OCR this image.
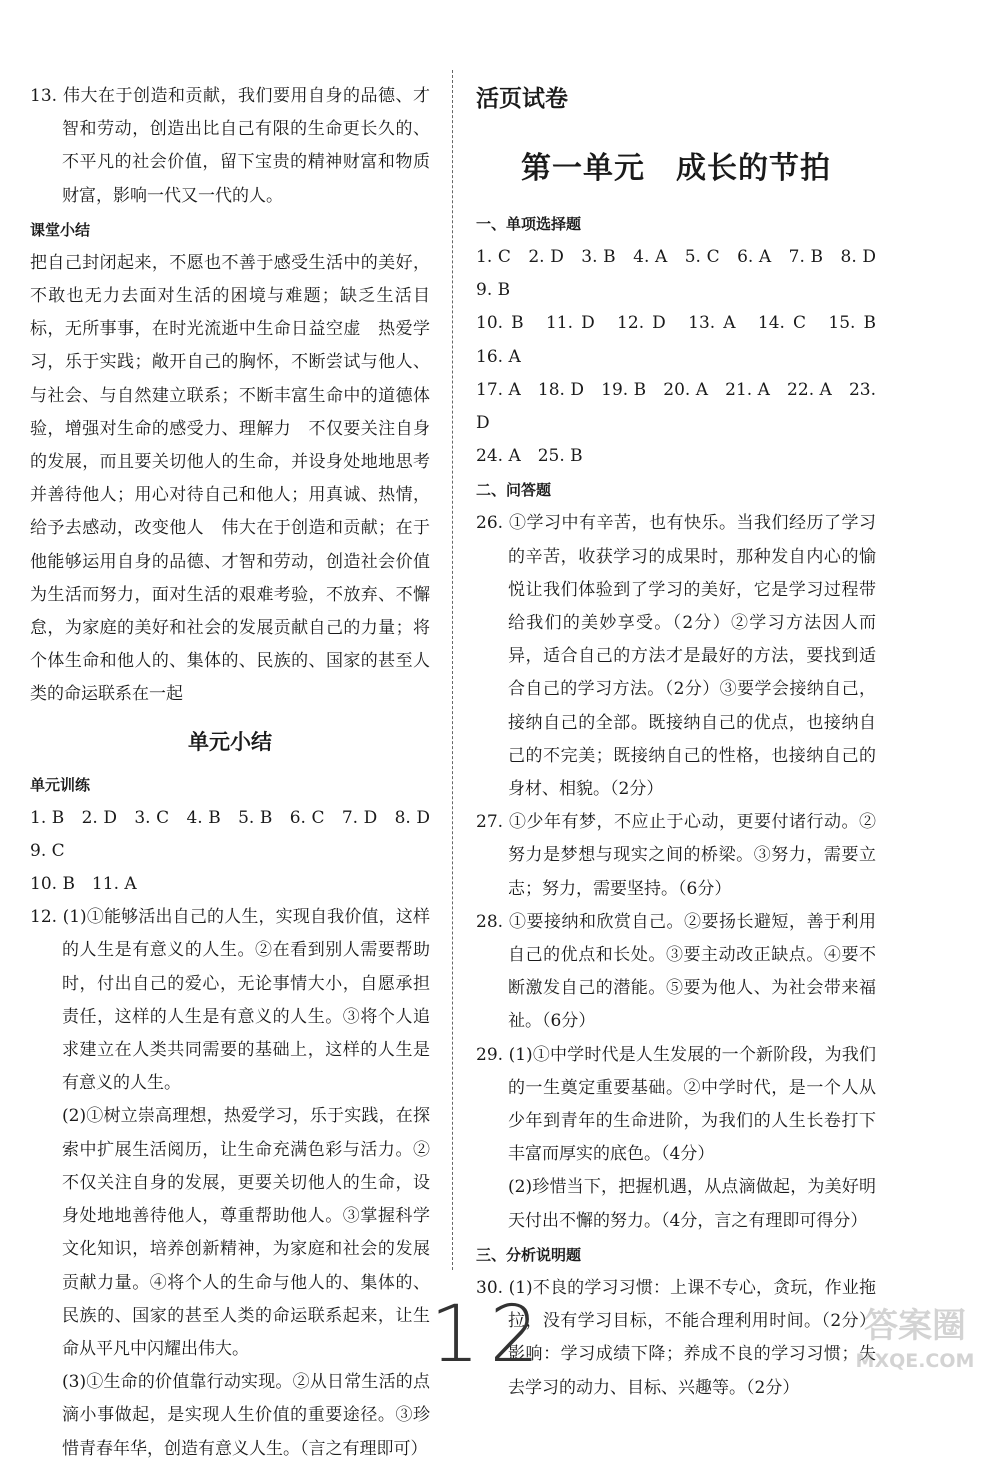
13. 伟大在于创造和贡献，我们要用自身的品德、才智和劳动，创造出比自己有限的生命更长久的、不平凡的社会价值，留下宝贵的精神财富和物质财富，影响一代又一代的人。

课堂小结

把自己封闭起来，不愿也不善于感受生活中的美好，不敢也无力去面对生活的困境与难题；缺乏生活目标，无所事事，在时光流逝中生命日益空虚　热爱学习，乐于实践；敞开自己的胸怀，不断尝试与他人、与社会、与自然建立联系；不断丰富生命中的道德体验，增强对生命的感受力、理解力　不仅要关注自身的发展，而且要关切他人的生命，并设身处地地思考并善待他人；用心对待自己和他人；用真诚、热情，给予去感动，改变他人　伟大在于创造和贡献；在于他能够运用自身的品德、才智和劳动，创造社会价值　为生活而努力，面对生活的艰难考验，不放弃、不懈怠，为家庭的美好和社会的发展贡献自己的力量；将个体生命和他人的、集体的、民族的、国家的甚至人类的命运联系在一起

单元小结
单元训练

1. B　2. D　3. C　4. B　5. B　6. C　7. D　8. D　9. C

10. B　11. A

12. (1)①能够活出自己的人生，实现自我价值，这样的人生是有意义的人生。②在看到别人需要帮助时，付出自己的爱心，无论事情大小，自愿承担责任，这样的人生是有意义的人生。③将个人追求建立在人类共同需要的基础上，这样的人生是有意义的人生。

(2)①树立崇高理想，热爱学习，乐于实践，在探索中扩展生活阅历，让生命充满色彩与活力。②不仅关注自身的发展，更要关切他人的生命，设身处地地善待他人，尊重帮助他人。③掌握科学文化知识，培养创新精神，为家庭和社会的发展贡献力量。④将个人的生命与他人的、集体的、民族的、国家的甚至人类的命运联系起来，让生命从平凡中闪耀出伟大。

(3)①生命的价值靠行动实现。②从日常生活的点滴小事做起，是实现人生价值的重要途径。③珍惜青春年华，创造有意义人生。（言之有理即可）

活页试卷
第一单元　成长的节拍
一、单项选择题

1. C　2. D　3. B　4. A　5. C　6. A　7. B　8. D　9. B

10. B　11. D　12. D　13. A　14. C　15. B　16. A

17. A　18. D　19. B　20. A　21. A　22. A　23. D

24. A　25. B

二、问答题

26. ①学习中有辛苦，也有快乐。当我们经历了学习的辛苦，收获学习的成果时，那种发自内心的愉悦让我们体验到了学习的美好，它是学习过程带给我们的美妙享受。（2分）②学习方法因人而异，适合自己的方法才是最好的方法，要找到适合自己的学习方法。（2分）③要学会接纳自己，接纳自己的全部。既接纳自己的优点，也接纳自己的不完美；既接纳自己的性格，也接纳自己的身材、相貌。（2分）

27. ①少年有梦，不应止于心动，更要付诸行动。②努力是梦想与现实之间的桥梁。③努力，需要立志；努力，需要坚持。（6分）

28. ①要接纳和欣赏自己。②要扬长避短，善于利用自己的优点和长处。③要主动改正缺点。④要不断激发自己的潜能。⑤要为他人、为社会带来福祉。（6分）

29. (1)①中学时代是人生发展的一个新阶段，为我们的一生奠定重要基础。②中学时代，是一个人从少年到青年的生命进阶，为我们的人生长卷打下丰富而厚实的底色。（4分）

(2)珍惜当下，把握机遇，从点滴做起，为美好明天付出不懈的努力。（4分，言之有理即可得分）

三、分析说明题

30. (1)不良的学习习惯：上课不专心，贪玩，作业拖拉，没有学习目标，不能合理利用时间。（2分）影响：学习成绩下降；养成不良的学习习惯；失去学习的动力、目标、兴趣等。（2分）

12	答案圈
MXQE.COM
